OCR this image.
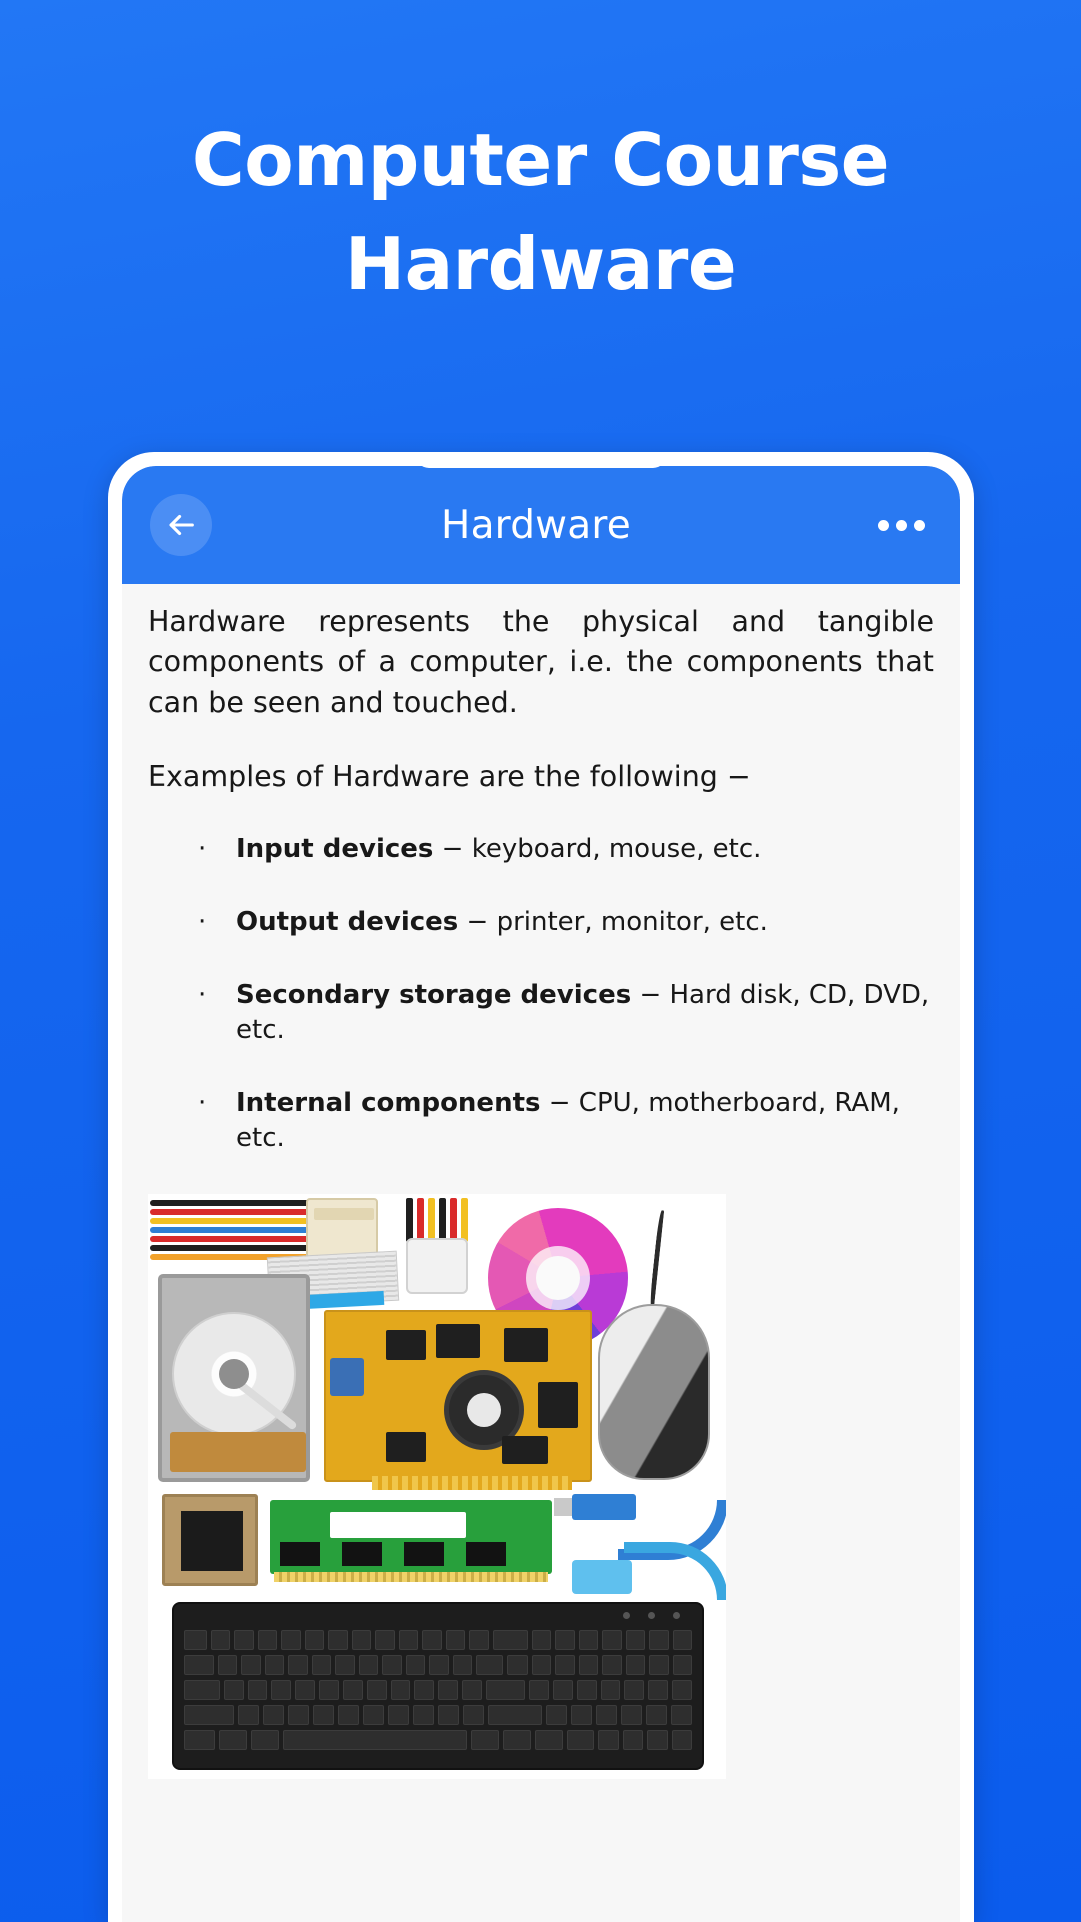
Computer Course
Hardware
Hardware

Hardware represents the physical and tangible components of a computer, i.e. the components that can be seen and touched.

Examples of Hardware are the following −

·	Input devices − keyboard, mouse, etc.
·	Output devices − printer, monitor, etc.
·	Secondary storage devices − Hard disk, CD, DVD, etc.
·	Internal components − CPU, motherboard, RAM, etc.
